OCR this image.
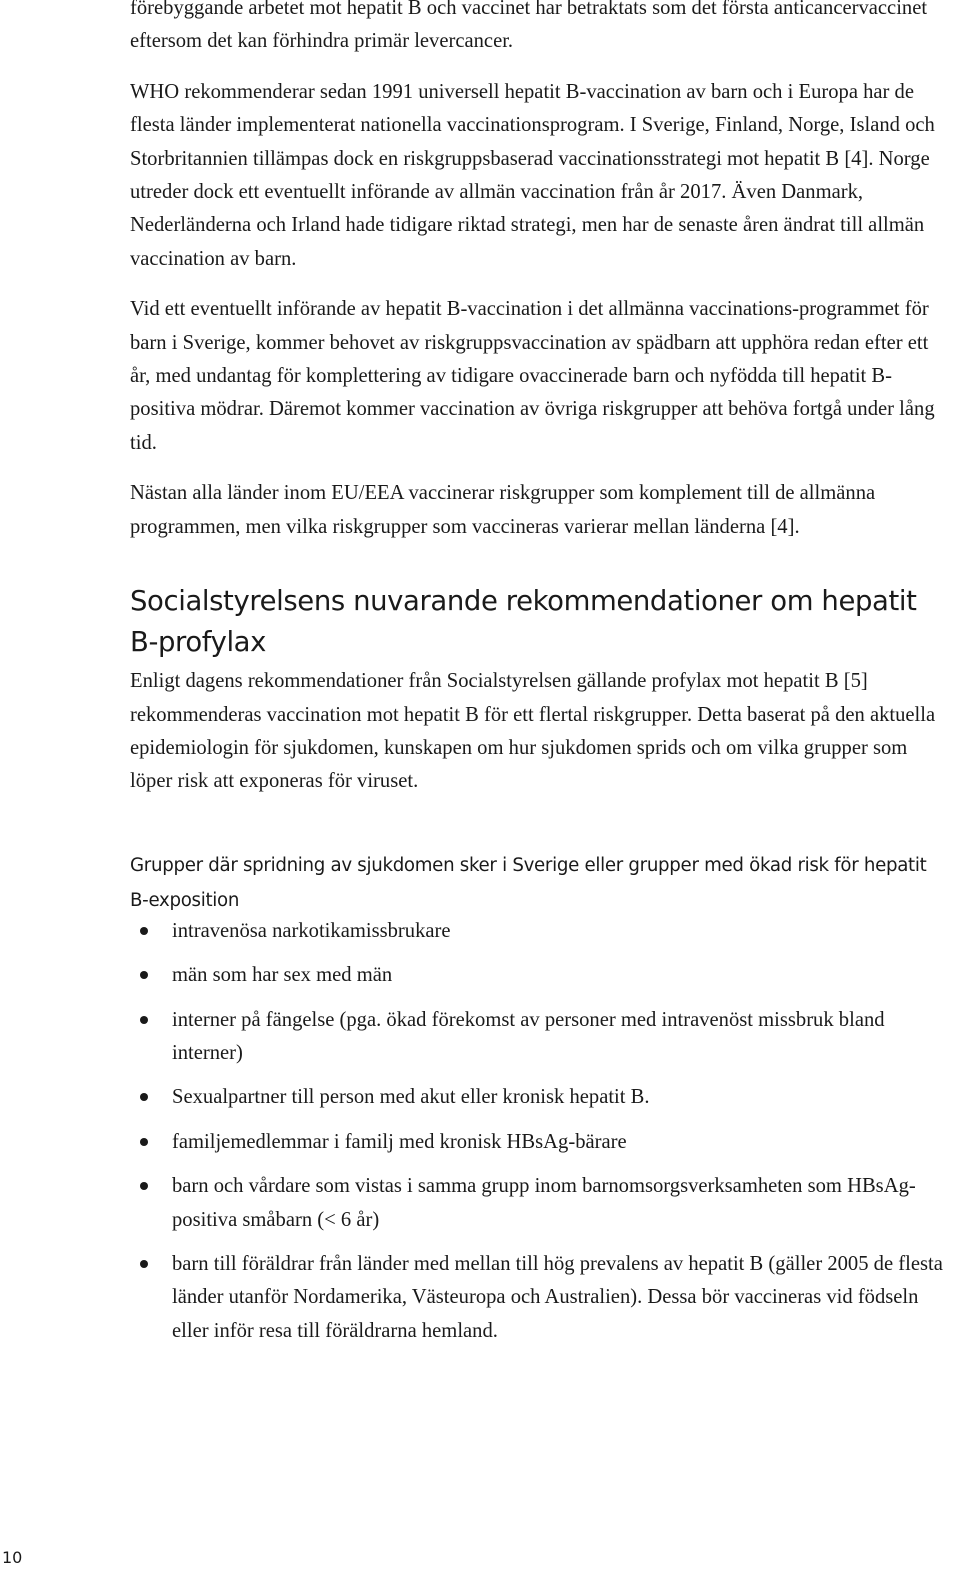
förebyggande arbetet mot hepatit B och vaccinet har betraktats som det första anticancervaccinet eftersom det kan förhindra primär levercancer.

WHO rekommenderar sedan 1991 universell hepatit B-vaccination av barn och i Europa har de flesta länder implementerat nationella vaccinationsprogram. I Sverige, Finland, Norge, Island och Storbritannien tillämpas dock en riskgruppsbaserad vaccinationsstrategi mot hepatit B [4]. Norge utreder dock ett eventuellt införande av allmän vaccination från år 2017. Även Danmark, Nederländerna och Irland hade tidigare riktad strategi, men har de senaste åren ändrat till allmän vaccination av barn.

Vid ett eventuellt införande av hepatit B-vaccination i det allmänna vaccinations-programmet för barn i Sverige, kommer behovet av riskgruppsvaccination av spädbarn att upphöra redan efter ett år, med undantag för komplettering av tidigare ovaccinerade barn och nyfödda till hepatit B-positiva mödrar. Däremot kommer vaccination av övriga riskgrupper att behöva fortgå under lång tid.

Nästan alla länder inom EU/EEA vaccinerar riskgrupper som komplement till de allmänna programmen, men vilka riskgrupper som vaccineras varierar mellan länderna [4].

Socialstyrelsens nuvarande rekommendationer om hepatit B-profylax

Enligt dagens rekommendationer från Socialstyrelsen gällande profylax mot hepatit B [5] rekommenderas vaccination mot hepatit B för ett flertal riskgrupper. Detta baserat på den aktuella epidemiologin för sjukdomen, kunskapen om hur sjukdomen sprids och om vilka grupper som löper risk att exponeras för viruset.

Grupper där spridning av sjukdomen sker i Sverige eller grupper med ökad risk för hepatit B-exposition
intravenösa narkotikamissbrukare
män som har sex med män
interner på fängelse (pga. ökad förekomst av personer med intravenöst missbruk bland interner)
Sexualpartner till person med akut eller kronisk hepatit B.
familjemedlemmar i familj med kronisk HBsAg-bärare
barn och vårdare som vistas i samma grupp inom barnomsorgsverksamheten som HBsAg-positiva småbarn (< 6 år)
barn till föräldrar från länder med mellan till hög prevalens av hepatit B (gäller 2005 de flesta länder utanför Nordamerika, Västeuropa och Australien). Dessa bör vaccineras vid födseln eller inför resa till föräldrarna hemland.
10
